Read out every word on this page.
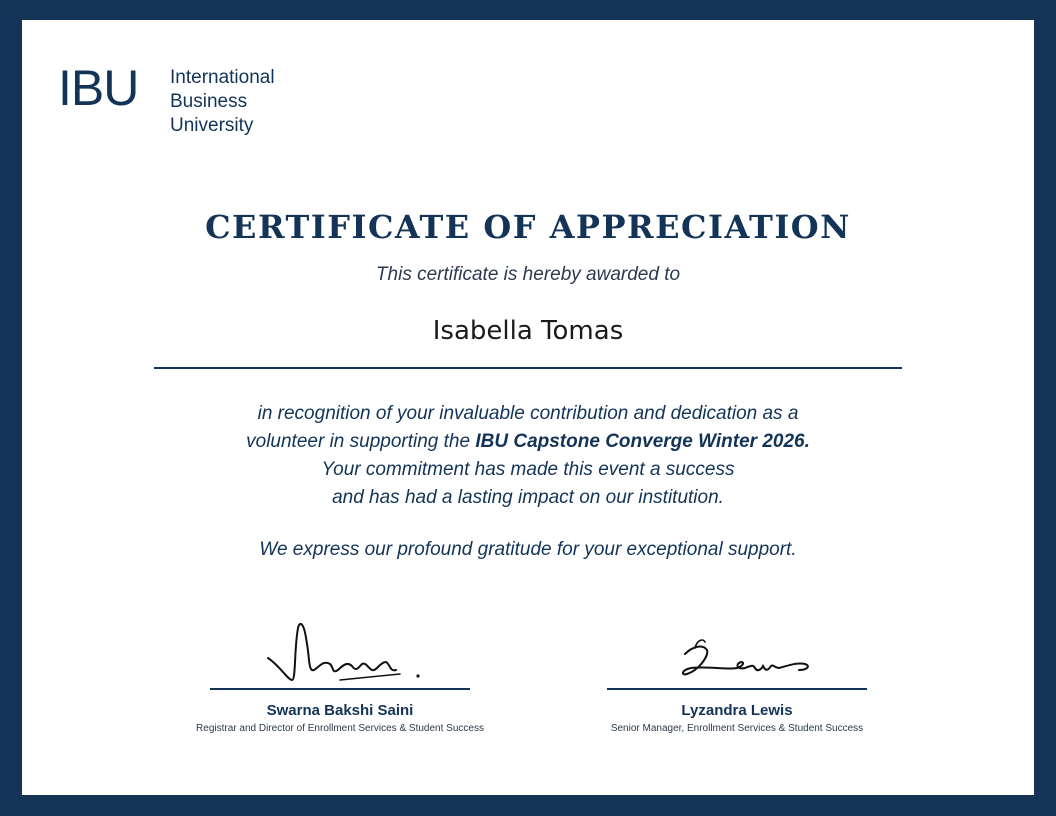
IBU International
Business
University
CERTIFICATE OF APPRECIATION
This certificate is hereby awarded to
Isabella Tomas
in recognition of your invaluable contribution and dedication as a
volunteer in supporting the IBU Capstone Converge Winter 2026.
Your commitment has made this event a success
and has had a lasting impact on our institution.
We express our profound gratitude for your exceptional support.
Swarna Bakshi Saini
Registrar and Director of Enrollment Services & Student Success
Lyzandra Lewis
Senior Manager, Enrollment Services & Student Success
